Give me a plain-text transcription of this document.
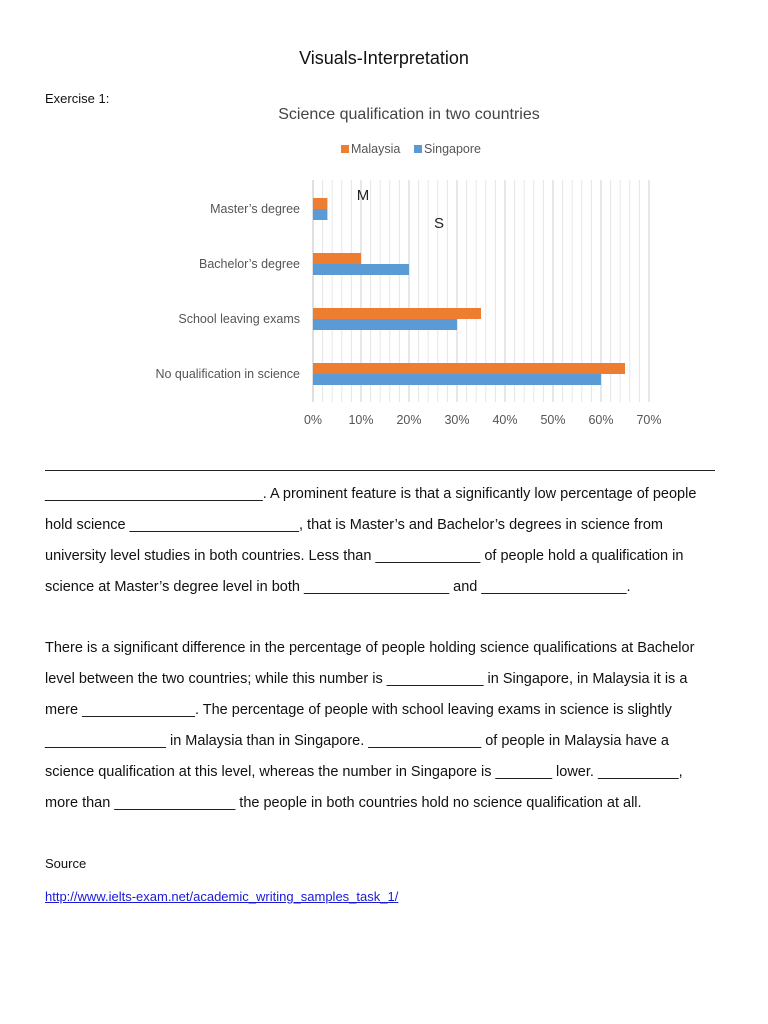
Visuals-Interpretation
Exercise 1:
Science qualification in two countries
Malaysia Singapore
0% 10% 20% 30% 40% 50% 60% 70%
Master’s degree
Bachelor’s degree
School leaving exams
No qualification in science
M
S
___________________________. A prominent feature is that a significantly low percentage of people
hold science _____________________, that is Master’s and Bachelor’s degrees in science from
university level studies in both countries. Less than _____________ of people hold a qualification in
science at Master’s degree level in both __________________ and __________________.
There is a significant difference in the percentage of people holding science qualifications at Bachelor
level between the two countries; while this number is ____________ in Singapore, in Malaysia it is a
mere ______________. The percentage of people with school leaving exams in science is slightly
_______________ in Malaysia than in Singapore. ______________ of people in Malaysia have a
science qualification at this level, whereas the number in Singapore is _______ lower. __________,
more than _______________ the people in both countries hold no science qualification at all.
Source
http://www.ielts-exam.net/academic_writing_samples_task_1/
